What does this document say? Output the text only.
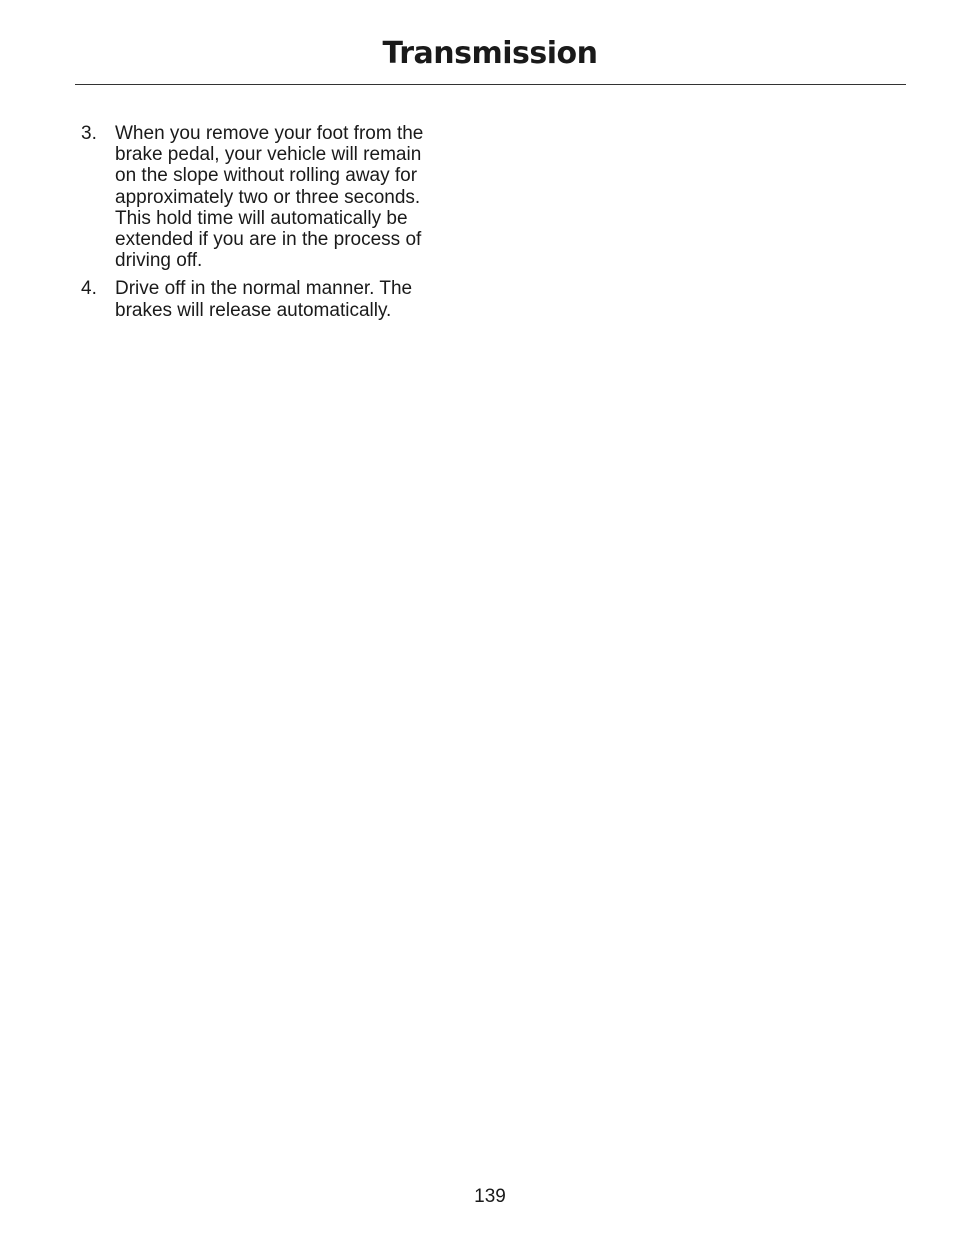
Transmission
3. When you remove your foot from the
brake pedal, your vehicle will remain
on the slope without rolling away for
approximately two or three seconds.
This hold time will automatically be
extended if you are in the process of
driving off.
4. Drive off in the normal manner. The
brakes will release automatically.
139
